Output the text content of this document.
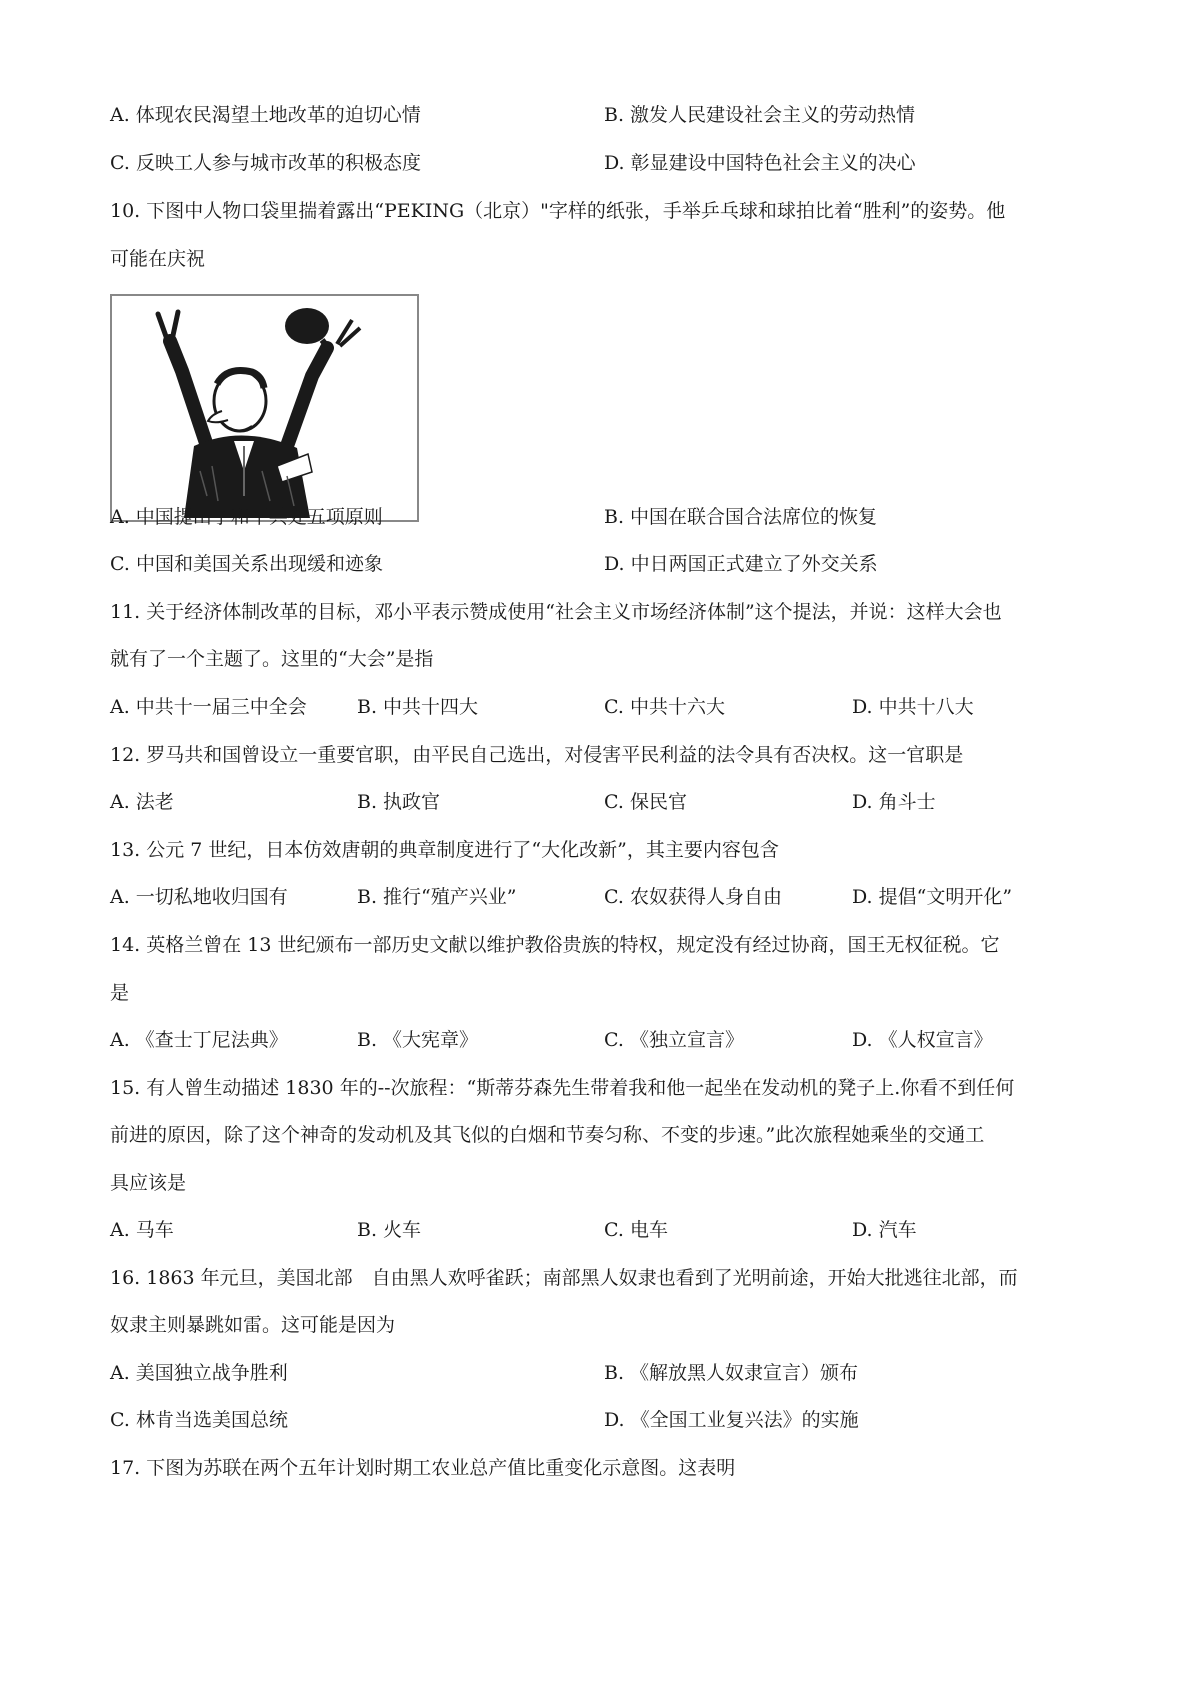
A. 体现农民渴望土地改革的迫切心情	B. 激发人民建设社会主义的劳动热情
C. 反映工人参与城市改革的积极态度	D. 彰显建设中国特色社会主义的决心
10. 下图中人物口袋里揣着露出“PEKING（北京）"字样的纸张，手举乒乓球和球拍比着“胜利”的姿势。他
可能在庆祝
A. 中国提出了和平共处五项原则	B. 中国在联合国合法席位的恢复
C. 中国和美国关系出现缓和迹象	D. 中日两国正式建立了外交关系
11. 关于经济体制改革的目标，邓小平表示赞成使用“社会主义市场经济体制”这个提法，并说：这样大会也
就有了一个主题了。这里的“大会”是指
A. 中共十一届三中全会	B. 中共十四大	C. 中共十六大	D. 中共十八大
12. 罗马共和国曾设立一重要官职，由平民自己选出，对侵害平民利益的法令具有否决权。这一官职是
A. 法老	B. 执政官	C. 保民官	D. 角斗士
13. 公元 7 世纪，日本仿效唐朝的典章制度进行了“大化改新”，其主要内容包含
A. 一切私地收归国有	B. 推行“殖产兴业”	C. 农奴获得人身自由	D. 提倡“文明开化”
14. 英格兰曾在 13 世纪颁布一部历史文献以维护教俗贵族的特权，规定没有经过协商，国王无权征税。它
是
A. 《查士丁尼法典》	B. 《大宪章》	C. 《独立宣言》	D. 《人权宣言》
15. 有人曾生动描述 1830 年的--次旅程：“斯蒂芬森先生带着我和他一起坐在发动机的凳子上.你看不到任何
前进的原因，除了这个神奇的发动机及其飞似的白烟和节奏匀称、不变的步速。”此次旅程她乘坐的交通工
具应该是
A. 马车	B. 火车	C. 电车	D. 汽车
16. 1863 年元旦，美国北部　自由黑人欢呼雀跃；南部黑人奴隶也看到了光明前途，开始大批逃往北部，而
奴隶主则暴跳如雷。这可能是因为
A. 美国独立战争胜利	B. 《解放黑人奴隶宣言）颁布
C. 林肯当选美国总统	D. 《全国工业复兴法》的实施
17. 下图为苏联在两个五年计划时期工农业总产值比重变化示意图。这表明
